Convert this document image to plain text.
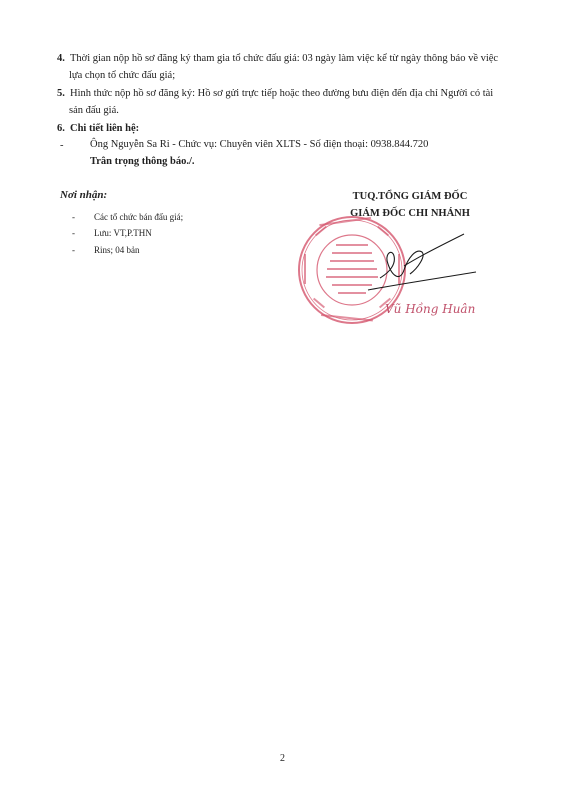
4. Thời gian nộp hồ sơ đăng ký tham gia tổ chức đấu giá: 03 ngày làm việc kể từ ngày thông báo về việc
lựa chọn tổ chức đấu giá;
5. Hình thức nộp hồ sơ đăng ký: Hồ sơ gửi trực tiếp hoặc theo đường bưu điện đến địa chỉ Người có tài
sản đấu giá.
6. Chi tiết liên hệ:
-	Ông Nguyễn Sa Ri - Chức vụ: Chuyên viên XLTS - Số điện thoại: 0938.844.720
Trân trọng thông báo./.
Nơi nhận:
- Các tổ chức bán đấu giá;
- Lưu: VT,P.THN
- Rins; 04 bản
TUQ.TỔNG GIÁM ĐỐC
GIÁM ĐỐC CHI NHÁNH
Vũ Hồng Huân
2
